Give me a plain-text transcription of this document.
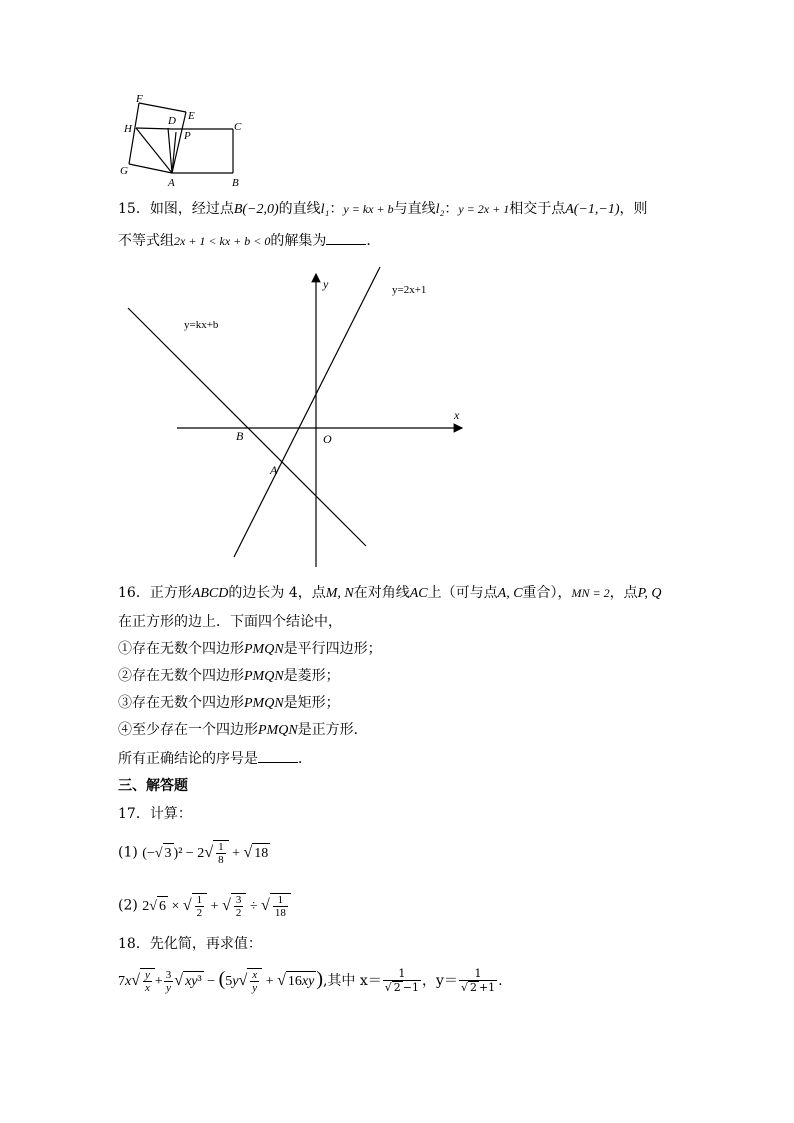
F
D E
H
P
C
G
A	B
15．如图，经过点B(−2,0)的直线l₁：y = kx + b与直线l₂：y = 2x + 1相交于点A(−1,−1)，则
不等式组2x + 1 < kx + b < 0的解集为	．
y=kx+b
y=2x+1
x
y
B	O
A
16．正方形ABCD的边长为 4，点M, N在对角线AC上（可与点A, C重合），MN = 2，点P, Q
在正方形的边上．下面四个结论中，
①存在无数个四边形PMQN是平行四边形；
②存在无数个四边形PMQN是菱形；
③存在无数个四边形PMQN是矩形；
④至少存在一个四边形PMQN是正方形．
所有正确结论的序号是	．
三、解答题
17．计算：
(1) (−√ 3 )$^2 - 2√ \frac{1}{8}$ + √ 18
(2) 2√ 6 × √ $\frac{1}{2}$ + √ $\frac{3}{2}$ ÷ √ $\frac{1}{18}$
18．先化简，再求值：
$7x√ \frac{y}{x} + \frac{3}{y}$ √ $xy^3 - (5y√ \frac{x}{y}$ + √ 16xy ),其中 $x= \frac{1}{√ 2 -1}$ ，$y= \frac{1}{√ 2 +1}$ .
